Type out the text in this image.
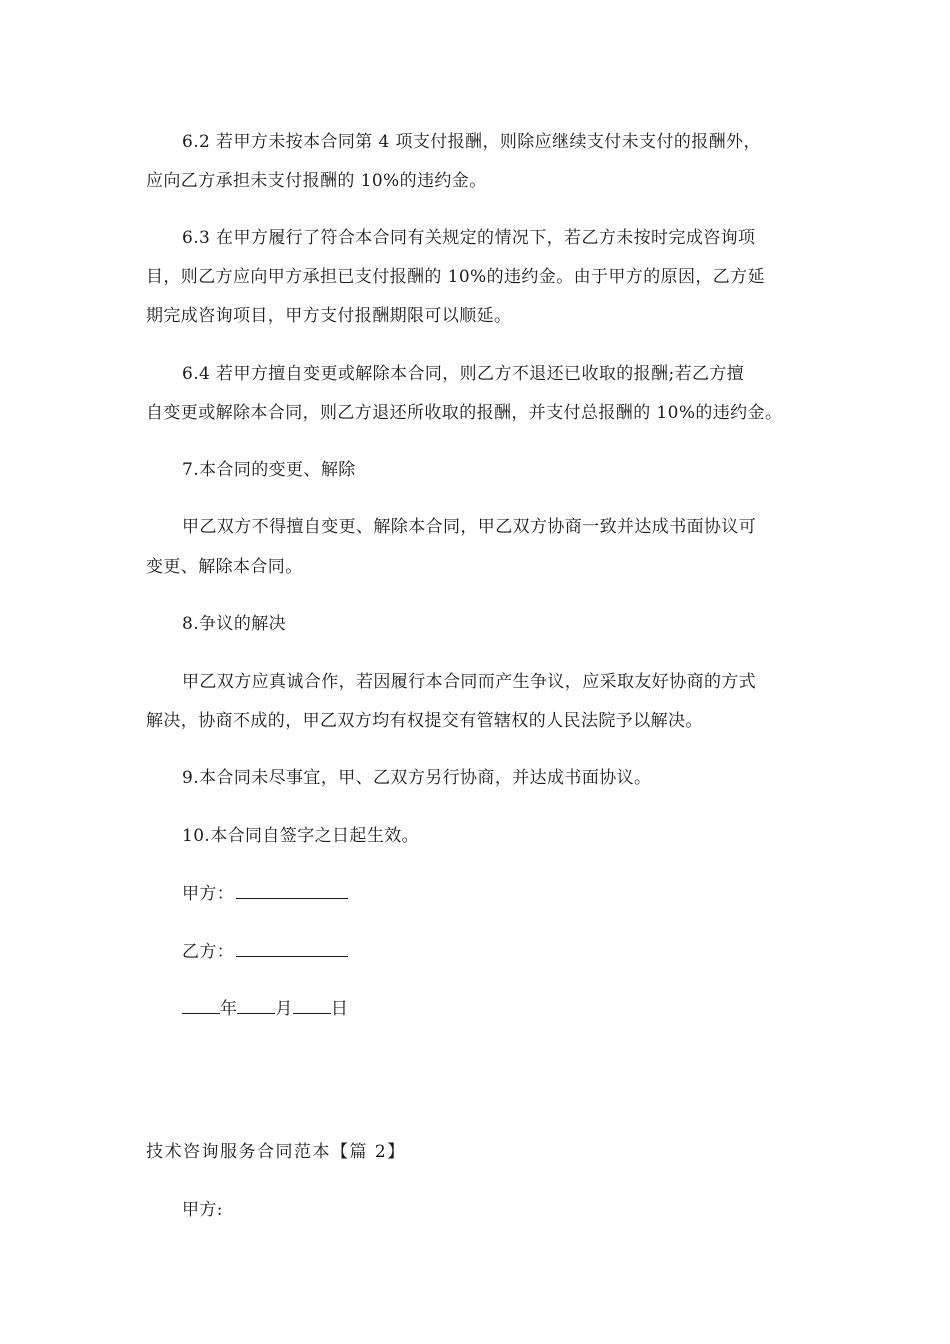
6.2 若甲方未按本合同第 4 项支付报酬，则除应继续支付未支付的报酬外，
应向乙方承担未支付报酬的 10%的违约金。
6.3 在甲方履行了符合本合同有关规定的情况下，若乙方未按时完成咨询项
目，则乙方应向甲方承担已支付报酬的 10%的违约金。由于甲方的原因，乙方延
期完成咨询项目，甲方支付报酬期限可以顺延。
6.4 若甲方擅自变更或解除本合同，则乙方不退还已收取的报酬;若乙方擅
自变更或解除本合同，则乙方退还所收取的报酬，并支付总报酬的 10%的违约金。
7.本合同的变更、解除
甲乙双方不得擅自变更、解除本合同，甲乙双方协商一致并达成书面协议可
变更、解除本合同。
8.争议的解决
甲乙双方应真诚合作，若因履行本合同而产生争议，应采取友好协商的方式
解决，协商不成的，甲乙双方均有权提交有管辖权的人民法院予以解决。
9.本合同未尽事宜，甲、乙双方另行协商，并达成书面协议。
10.本合同自签字之日起生效。
甲方：
乙方：
年 月 日
技术咨询服务合同范本【篇 2】
甲方:
